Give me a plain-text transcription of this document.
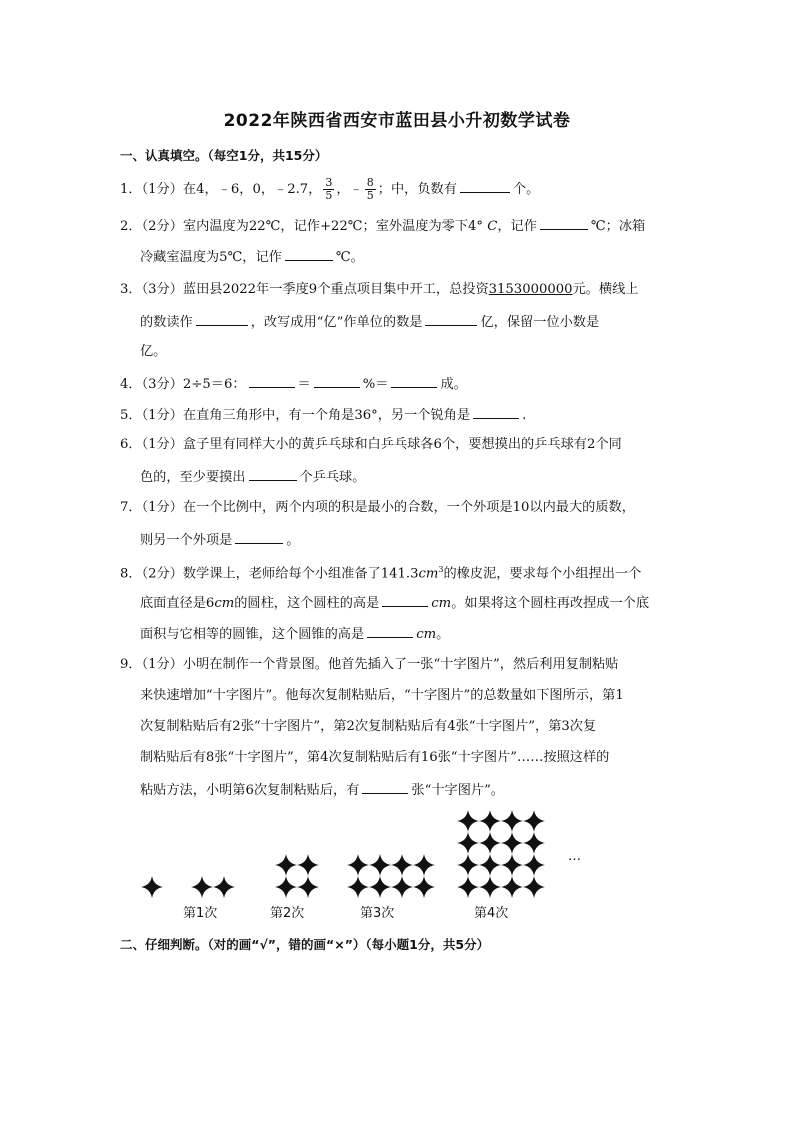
2022年陕西省西安市蓝田县小升初数学试卷
一、认真填空。（每空1分，共15分）
1．（1分）在4，﹣6，0，﹣2.7， $\frac{3}{5}$ ，﹣ $\frac{8}{5}$ ；中，负数有	个。
2．（2分）室内温度为22℃，记作+22℃；室外温度为零下4° C，记作	℃；冰箱
冷藏室温度为5℃，记作	℃。
3．（3分）蓝田县2022年一季度9个重点项目集中开工，总投资3153000000元。横线上
的数读作	，改写成用“亿”作单位的数是	亿，保留一位小数是
亿。
4．（3分）2÷5＝6：	＝	%＝	成。
5．（1分）在直角三角形中，有一个角是36°，另一个锐角是	.
6．（1分）盒子里有同样大小的黄乒乓球和白乒乓球各6个，要想摸出的乒乓球有2个同
色的，至少要摸出	个乒乓球。
7．（1分）在一个比例中，两个内项的积是最小的合数，一个外项是10以内最大的质数，
则另一个外项是	。
8．（2分）数学课上，老师给每个小组准备了$141.3cm^3$的橡皮泥，要求每个小组捏出一个
底面直径是6cm的圆柱，这个圆柱的高是	cm。如果将这个圆柱再改捏成一个底
面积与它相等的圆锥，这个圆锥的高是	cm。
9．（1分）小明在制作一个背景图。他首先插入了一张“十字图片”，然后利用复制粘贴
来快速增加“十字图片”。他每次复制粘贴后，“十字图片”的总数量如下图所示，第1
次复制粘贴后有2张“十字图片”，第2次复制粘贴后有4张“十字图片”，第3次复
制粘贴后有8张“十字图片”，第4次复制粘贴后有16张“十字图片”……按照这样的
粘贴方法，小明第6次复制粘贴后，有	张“十字图片”。
第1次	第2次	第3次	第4次
…
二、仔细判断。（对的画“√”，错的画“×”）（每小题1分，共5分）
